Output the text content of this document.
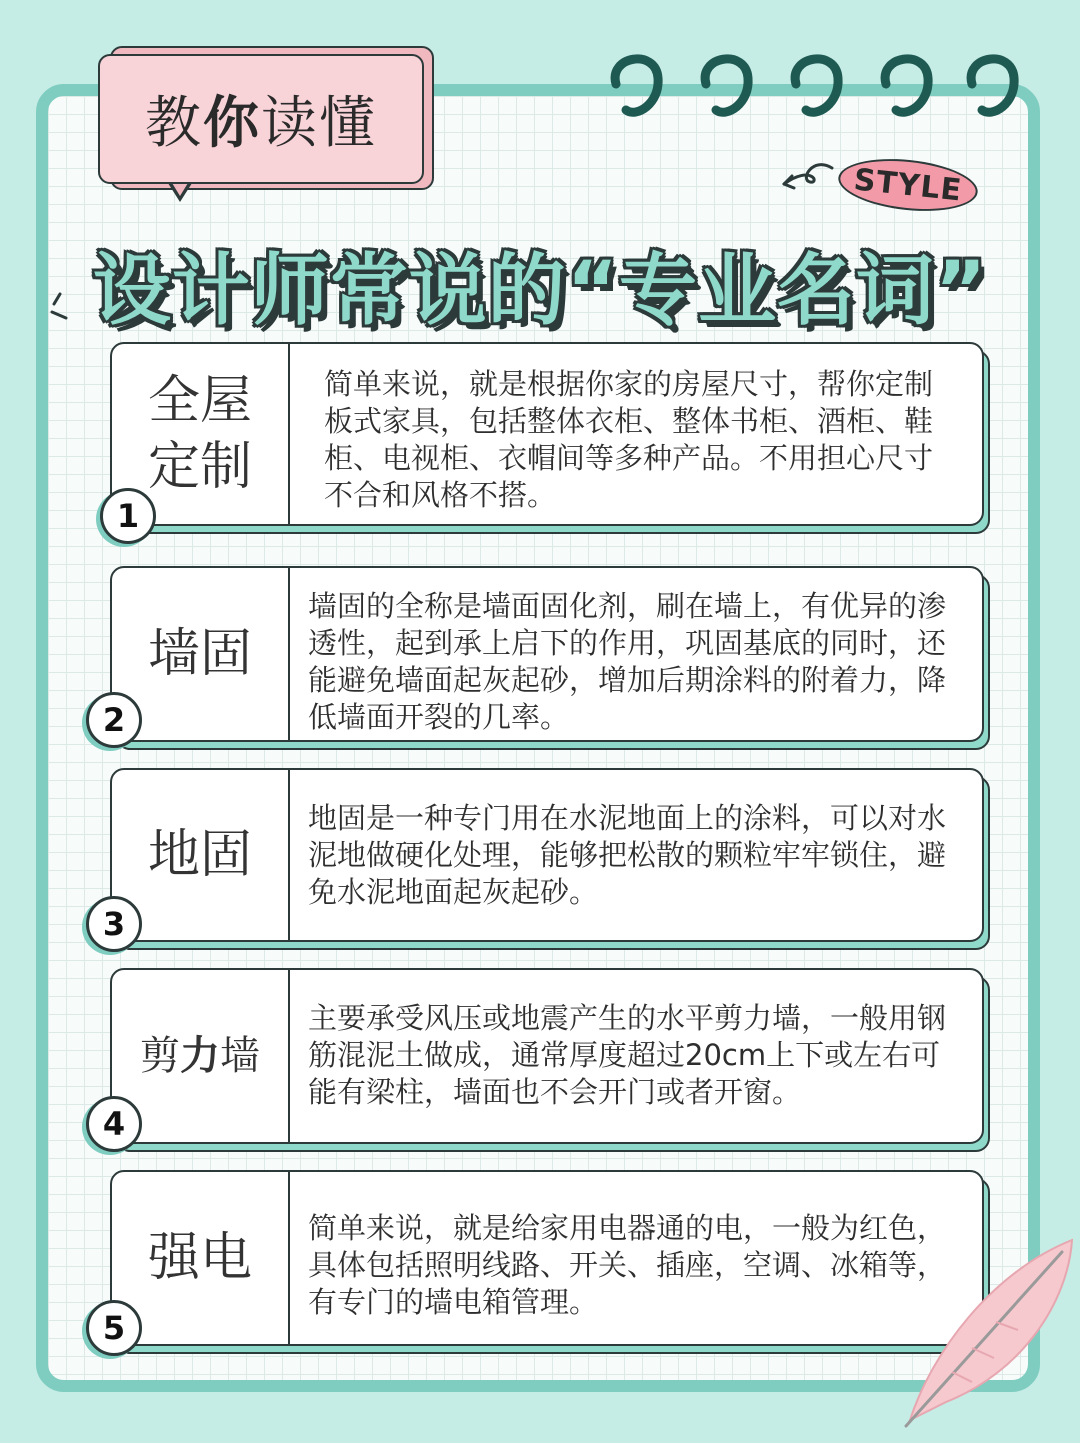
教 你 读懂
STYLE
设计师常说的“专业名词”
全屋
定制
简单来说，就是根据你家的房屋尺寸，帮你定制板式家具，包括整体衣柜、整体书柜、酒柜、鞋柜、电视柜、衣帽间等多种产品。不用担心尺寸不合和风格不搭。
1
墙固
墙固的全称是墙面固化剂，刷在墙上，有优异的渗透性，起到承上启下的作用，巩固基底的同时，还能避免墙面起灰起砂，增加后期涂料的附着力，降低墙面开裂的几率。
2
地固
地固是一种专门用在水泥地面上的涂料，可以对水泥地做硬化处理，能够把松散的颗粒牢牢锁住，避免水泥地面起灰起砂。
3
剪力墙
主要承受风压或地震产生的水平剪力墙，一般用钢筋混泥土做成，通常厚度超过20cm上下或左右可能有梁柱，墙面也不会开门或者开窗。
4
强电 简单来说，就是给家用电器通的电，一般为红色，具体包括照明线路、开关、插座，空调、冰箱等，有专门的墙电箱管理。
5
